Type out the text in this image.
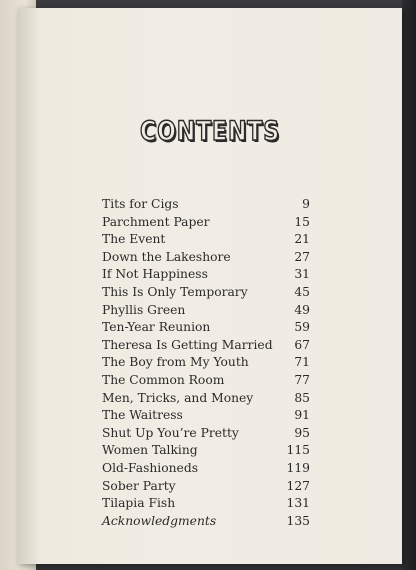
CONTENTS
Tits for Cigs	9
Parchment Paper	15
The Event	21
Down the Lakeshore	27
If Not Happiness	31
This Is Only Temporary	45
Phyllis Green	49
Ten-Year Reunion	59
Theresa Is Getting Married 67
The Boy from My Youth	71
The Common Room	77
Men, Tricks, and Money	85
The Waitress	91
Shut Up You’re Pretty	95
Women Talking	115
Old-Fashioneds	119
Sober Party	127
Tilapia Fish	131
Acknowledgments	135
